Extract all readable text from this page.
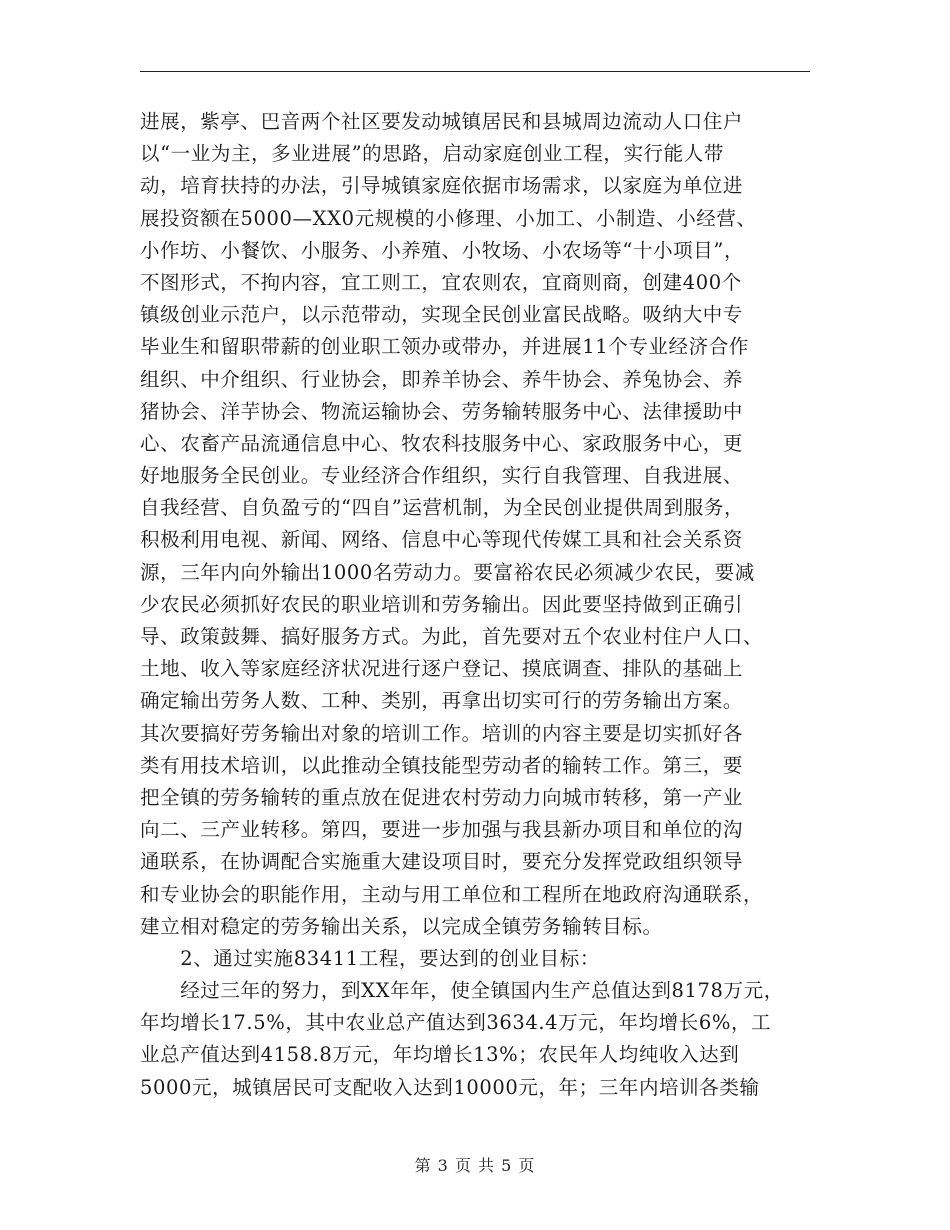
进展，紫亭、巴音两个社区要发动城镇居民和县城周边流动人口住户
以“一业为主，多业进展”的思路，启动家庭创业工程，实行能人带
动，培育扶持的办法，引导城镇家庭依据市场需求，以家庭为单位进
展投资额在5000—XX0元规模的小修理、小加工、小制造、小经营、
小作坊、小餐饮、小服务、小养殖、小牧场、小农场等“十小项目”，
不图形式，不拘内容，宜工则工，宜农则农，宜商则商，创建400个
镇级创业示范户，以示范带动，实现全民创业富民战略。吸纳大中专
毕业生和留职带薪的创业职工领办或带办，并进展11个专业经济合作
组织、中介组织、行业协会，即养羊协会、养牛协会、养兔协会、养
猪协会、洋芋协会、物流运输协会、劳务输转服务中心、法律援助中
心、农畜产品流通信息中心、牧农科技服务中心、家政服务中心，更
好地服务全民创业。专业经济合作组织，实行自我管理、自我进展、
自我经营、自负盈亏的“四自”运营机制，为全民创业提供周到服务，
积极利用电视、新闻、网络、信息中心等现代传媒工具和社会关系资
源，三年内向外输出1000名劳动力。要富裕农民必须减少农民，要减
少农民必须抓好农民的职业培训和劳务输出。因此要坚持做到正确引
导、政策鼓舞、搞好服务方式。为此，首先要对五个农业村住户人口、
土地、收入等家庭经济状况进行逐户登记、摸底调查、排队的基础上
确定输出劳务人数、工种、类别，再拿出切实可行的劳务输出方案。
其次要搞好劳务输出对象的培训工作。培训的内容主要是切实抓好各
类有用技术培训，以此推动全镇技能型劳动者的输转工作。第三，要
把全镇的劳务输转的重点放在促进农村劳动力向城市转移，第一产业
向二、三产业转移。第四，要进一步加强与我县新办项目和单位的沟
通联系，在协调配合实施重大建设项目时，要充分发挥党政组织领导
和专业协会的职能作用，主动与用工单位和工程所在地政府沟通联系，
建立相对稳定的劳务输出关系，以完成全镇劳务输转目标。
　　2、通过实施83411工程，要达到的创业目标：
　　经过三年的努力，到XX年年，使全镇国内生产总值达到8178万元，
年均增长17.5%，其中农业总产值达到3634.4万元，年均增长6%，工
业总产值达到4158.8万元，年均增长13%；农民年人均纯收入达到
5000元，城镇居民可支配收入达到10000元，年；三年内培训各类输
第 3 页 共 5 页
